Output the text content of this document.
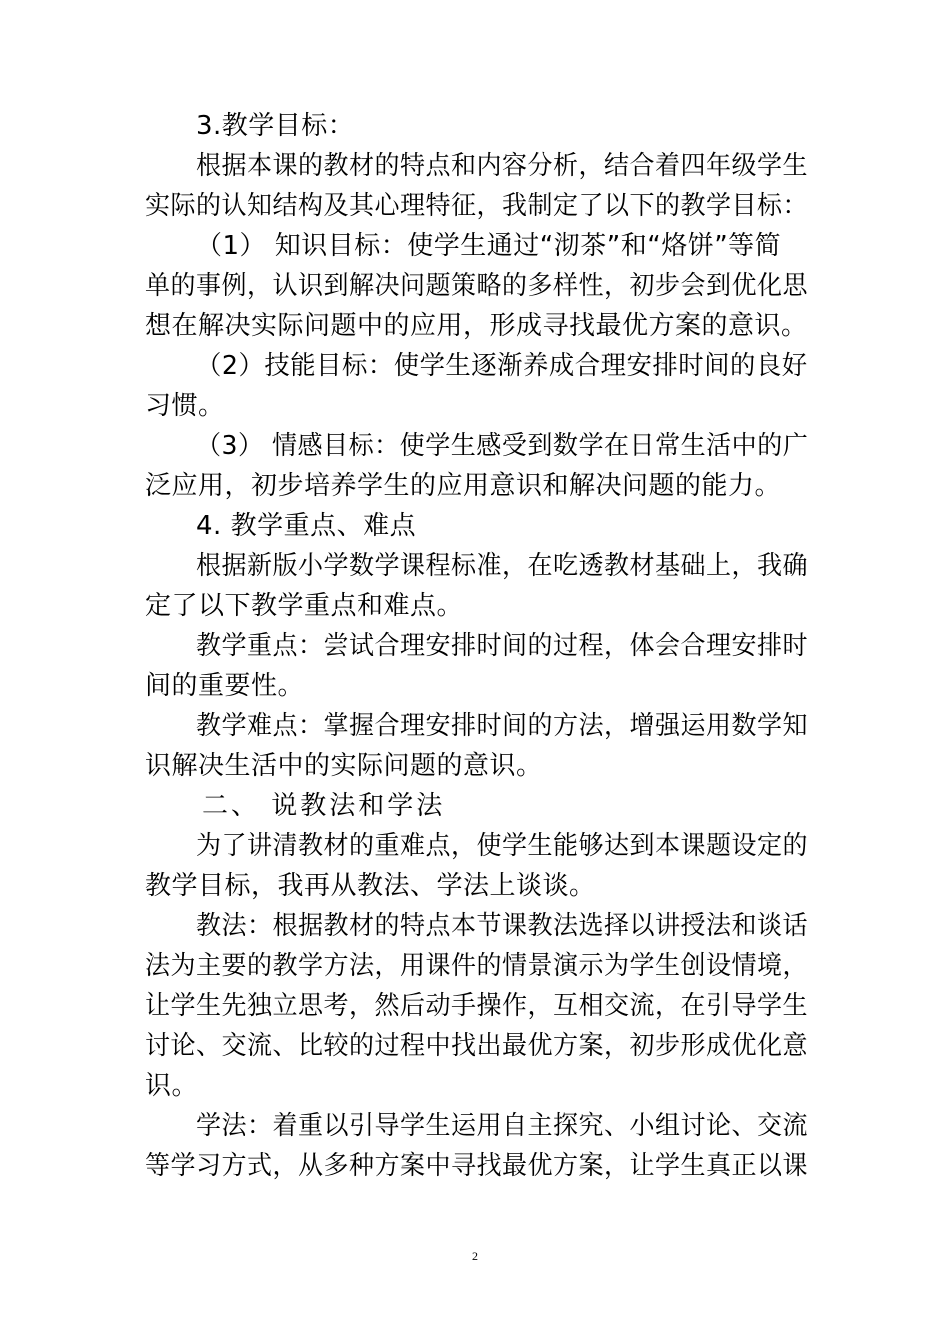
3.教学目标：
根据本课的教材的特点和内容分析，结合着四年级学生
实际的认知结构及其心理特征，我制定了以下的教学目标：
（1） 知识目标：使学生通过“沏茶”和“烙饼”等简
单的事例，认识到解决问题策略的多样性，初步会到优化思
想在解决实际问题中的应用，形成寻找最优方案的意识。
（2）技能目标：使学生逐渐养成合理安排时间的良好
习惯。
（3） 情感目标：使学生感受到数学在日常生活中的广
泛应用，初步培养学生的应用意识和解决问题的能力。
4. 教学重点、难点
根据新版小学数学课程标准，在吃透教材基础上，我确
定了以下教学重点和难点。
教学重点：尝试合理安排时间的过程，体会合理安排时
间的重要性。
教学难点：掌握合理安排时间的方法，增强运用数学知
识解决生活中的实际问题的意识。
二、 说教法和学法
为了讲清教材的重难点，使学生能够达到本课题设定的
教学目标，我再从教法、学法上谈谈。
教法：根据教材的特点本节课教法选择以讲授法和谈话
法为主要的教学方法，用课件的情景演示为学生创设情境，
让学生先独立思考，然后动手操作，互相交流，在引导学生
讨论、交流、比较的过程中找出最优方案，初步形成优化意
识。
学法：着重以引导学生运用自主探究、小组讨论、交流
等学习方式，从多种方案中寻找最优方案，让学生真正以课
2
